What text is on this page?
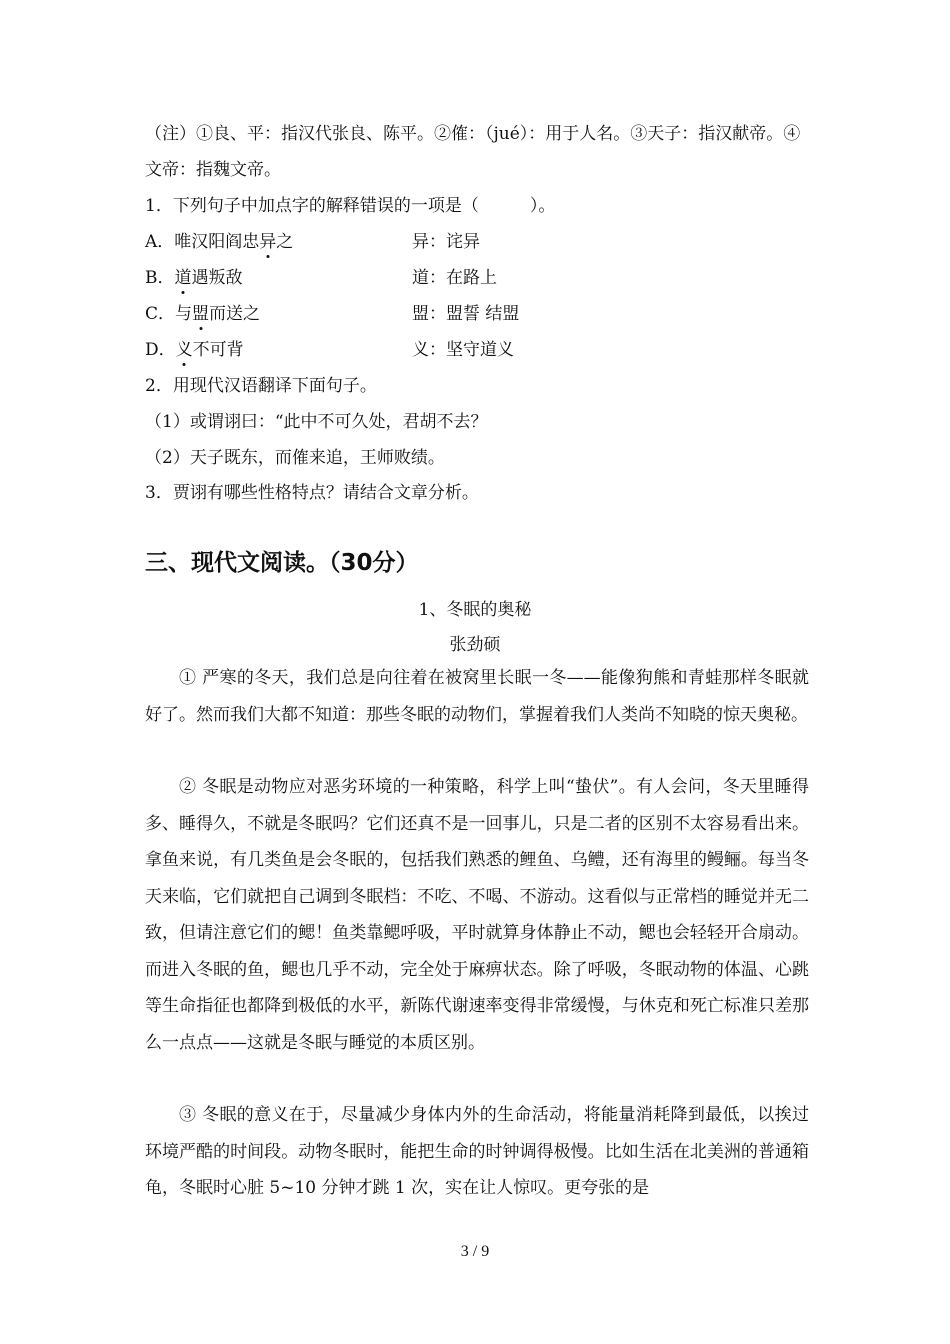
（注）①良、平：指汉代张良、陈平。②傕：（jué）：用于人名。③天子：指汉献帝。④
文帝：指魏文帝。
1．下列句子中加点字的解释错误的一项是（　　　）。
A．唯汉阳阎忠异之	异：诧异
B．道遇叛敌	道：在路上
C．与盟而送之	盟：盟誓 结盟
D．义不可背	义：坚守道义
2．用现代汉语翻译下面句子。
（1）或谓诩曰：“此中不可久处，君胡不去？
（2）天子既东，而傕来追，王师败绩。
3．贾诩有哪些性格特点？请结合文章分析。
三、现代文阅读。（30分）
1、冬眠的奥秘
张劲硕
① 严寒的冬天，我们总是向往着在被窝里长眠一冬——能像狗熊和青蛙那样冬眠就好了。然而我们大都不知道：那些冬眠的动物们，掌握着我们人类尚不知晓的惊天奥秘。
② 冬眠是动物应对恶劣环境的一种策略，科学上叫“蛰伏”。有人会问，冬天里睡得多、睡得久，不就是冬眠吗？它们还真不是一回事儿，只是二者的区别不太容易看出来。拿鱼来说，有几类鱼是会冬眠的，包括我们熟悉的鲤鱼、乌鳢，还有海里的鳗鲡。每当冬天来临，它们就把自己调到冬眠档：不吃、不喝、不游动。这看似与正常档的睡觉并无二致，但请注意它们的鳃！鱼类靠鳃呼吸，平时就算身体静止不动，鳃也会轻轻开合扇动。而进入冬眠的鱼，鳃也几乎不动，完全处于麻痹状态。除了呼吸，冬眠动物的体温、心跳等生命指征也都降到极低的水平，新陈代谢速率变得非常缓慢，与休克和死亡标准只差那么一点点——这就是冬眠与睡觉的本质区别。
③ 冬眠的意义在于，尽量减少身体内外的生命活动，将能量消耗降到最低，以挨过环境严酷的时间段。动物冬眠时，能把生命的时钟调得极慢。比如生活在北美洲的普通箱龟，冬眠时心脏 5~10 分钟才跳 1 次，实在让人惊叹。更夸张的是
3 / 9
